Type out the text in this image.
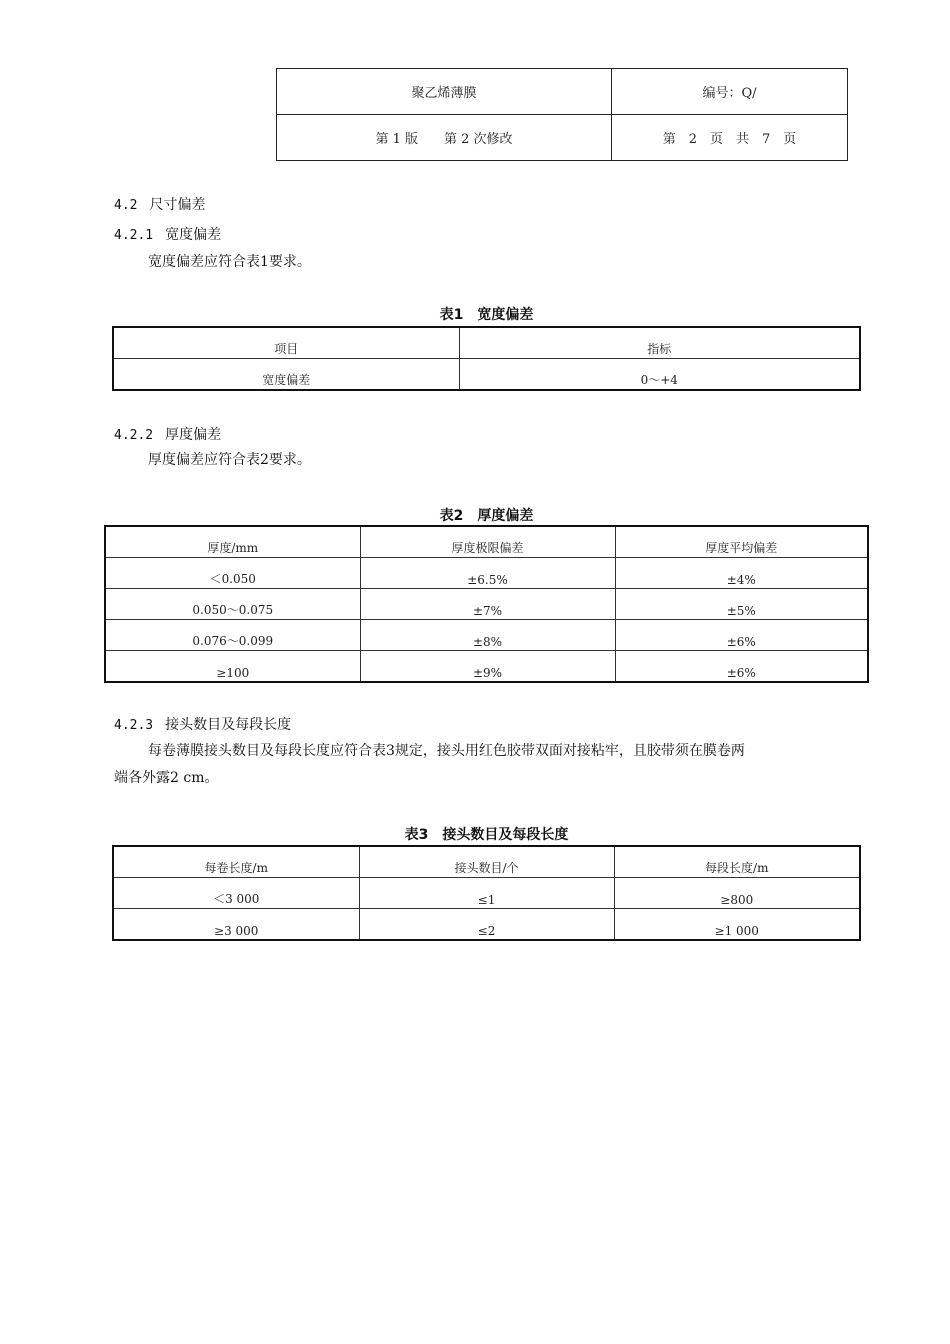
聚乙烯薄膜	编号：Q/
第 1 版　　第 2 次修改	第　2　页　共　7　页
4.2 尺寸偏差
4.2.1 宽度偏差
宽度偏差应符合表1要求。
表1　宽度偏差
项目	指标
宽度偏差	0～+4
4.2.2 厚度偏差
厚度偏差应符合表2要求。
表2　厚度偏差
厚度/mm	厚度极限偏差	厚度平均偏差
＜0.050	±6.5%	±4%
0.050～0.075	±7%	±5%
0.076～0.099	±8%	±6%
≥100	±9%	±6%
4.2.3 接头数目及每段长度
每卷薄膜接头数目及每段长度应符合表3规定，接头用红色胶带双面对接粘牢，且胶带须在膜卷两
端各外露2 cm。
表3　接头数目及每段长度
每卷长度/m	接头数目/个	每段长度/m
＜3 000	≤1	≥800
≥3 000	≤2	≥1 000
